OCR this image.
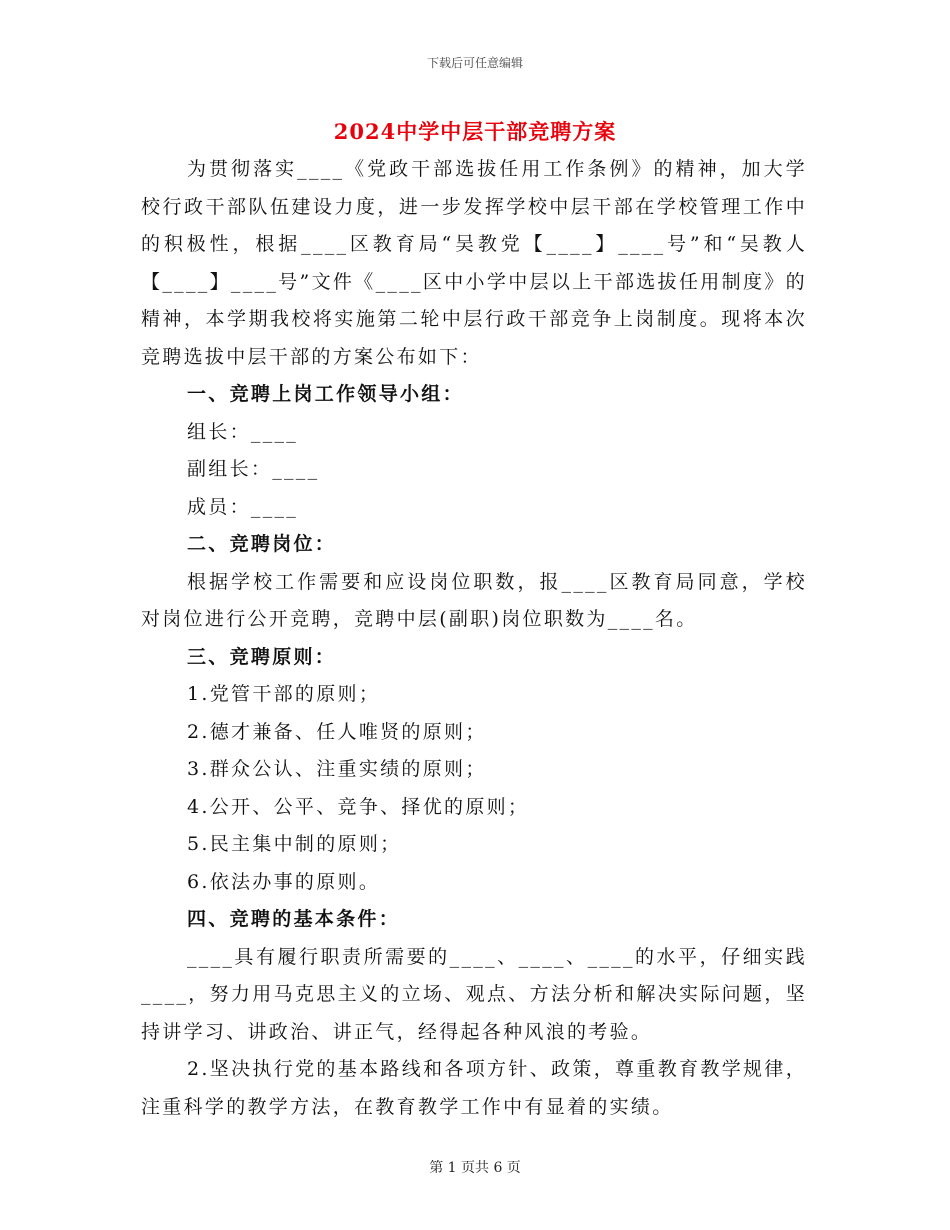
下载后可任意编辑
2024中学中层干部竞聘方案

为贯彻落实____《党政干部选拔任用工作条例》的精神，加大学校行政干部队伍建设力度，进一步发挥学校中层干部在学校管理工作中的积极性，根据____区教育局“吴教党【____】____号”和“吴教人【____】____号”文件《____区中小学中层以上干部选拔任用制度》的精神，本学期我校将实施第二轮中层行政干部竞争上岗制度。现将本次竞聘选拔中层干部的方案公布如下：

一、竞聘上岗工作领导小组：

组长：____

副组长：____

成员：____

二、竞聘岗位：

根据学校工作需要和应设岗位职数，报____区教育局同意，学校对岗位进行公开竞聘，竞聘中层(副职)岗位职数为____名。

三、竞聘原则：

1.党管干部的原则；

2.德才兼备、任人唯贤的原则；

3.群众公认、注重实绩的原则；

4.公开、公平、竞争、择优的原则；

5.民主集中制的原则；

6.依法办事的原则。

四、竞聘的基本条件：

____具有履行职责所需要的____、____、____的水平，仔细实践____，努力用马克思主义的立场、观点、方法分析和解决实际问题，坚持讲学习、讲政治、讲正气，经得起各种风浪的考验。

2.坚决执行党的基本路线和各项方针、政策，尊重教育教学规律，注重科学的教学方法，在教育教学工作中有显着的实绩。

第 1 页共 6 页
